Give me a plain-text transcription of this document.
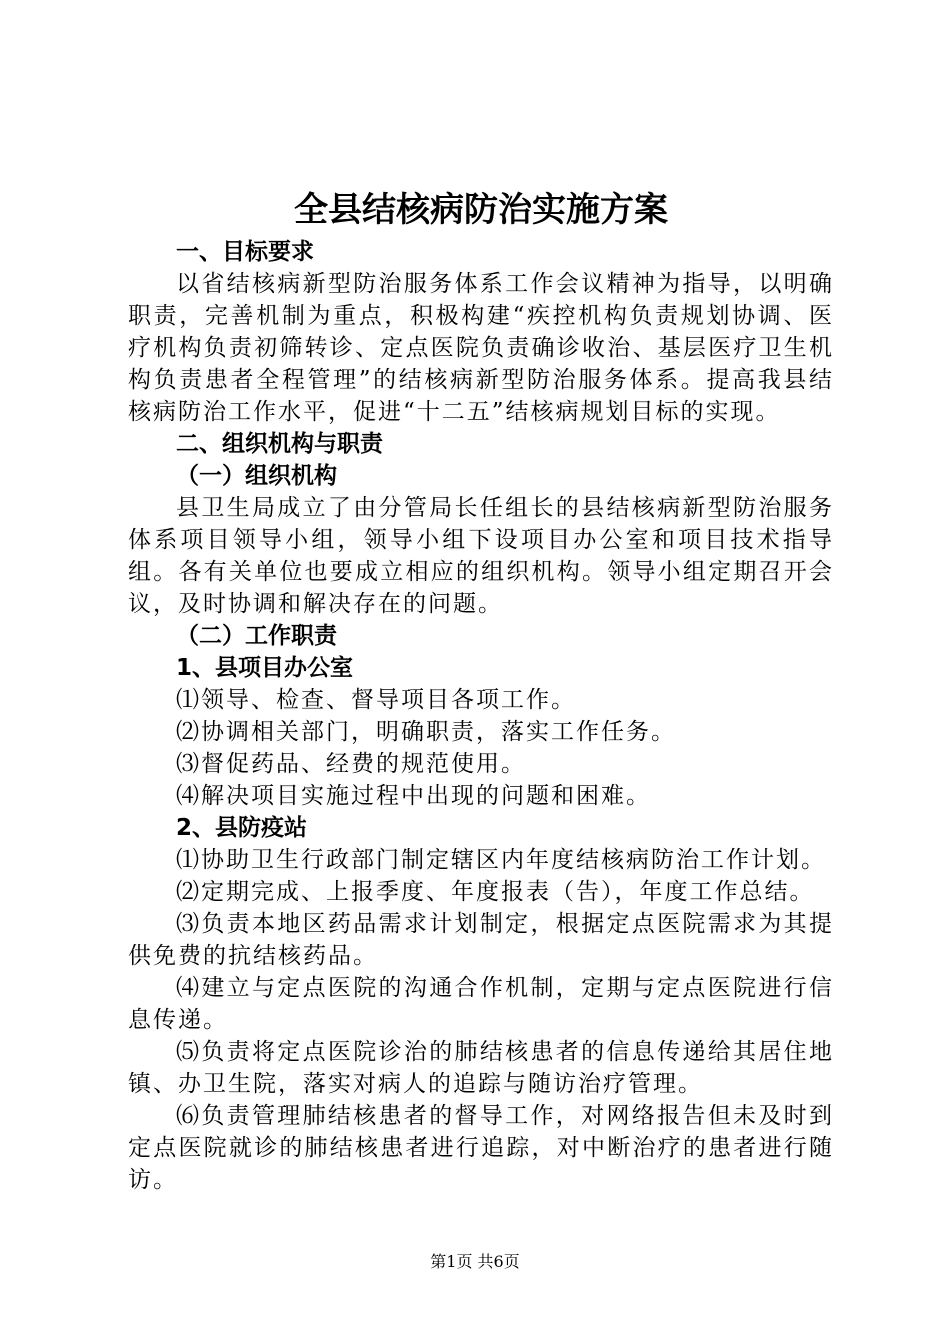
全县结核病防治实施方案
一、目标要求

以省结核病新型防治服务体系工作会议精神为指导，以明确职责，完善机制为重点，积极构建“疾控机构负责规划协调、医疗机构负责初筛转诊、定点医院负责确诊收治、基层医疗卫生机构负责患者全程管理”的结核病新型防治服务体系。提高我县结核病防治工作水平，促进“十二五”结核病规划目标的实现。

二、组织机构与职责
（一）组织机构

县卫生局成立了由分管局长任组长的县结核病新型防治服务体系项目领导小组，领导小组下设项目办公室和项目技术指导组。各有关单位也要成立相应的组织机构。领导小组定期召开会议，及时协调和解决存在的问题。

（二）工作职责
1、县项目办公室

⑴领导、检查、督导项目各项工作。

⑵协调相关部门，明确职责，落实工作任务。

⑶督促药品、经费的规范使用。

⑷解决项目实施过程中出现的问题和困难。

2、县防疫站

⑴协助卫生行政部门制定辖区内年度结核病防治工作计划。

⑵定期完成、上报季度、年度报表（告），年度工作总结。

⑶负责本地区药品需求计划制定，根据定点医院需求为其提供免费的抗结核药品。

⑷建立与定点医院的沟通合作机制，定期与定点医院进行信息传递。

⑸负责将定点医院诊治的肺结核患者的信息传递给其居住地镇、办卫生院，落实对病人的追踪与随访治疗管理。

⑹负责管理肺结核患者的督导工作，对网络报告但未及时到定点医院就诊的肺结核患者进行追踪，对中断治疗的患者进行随访。

第1页 共6页
